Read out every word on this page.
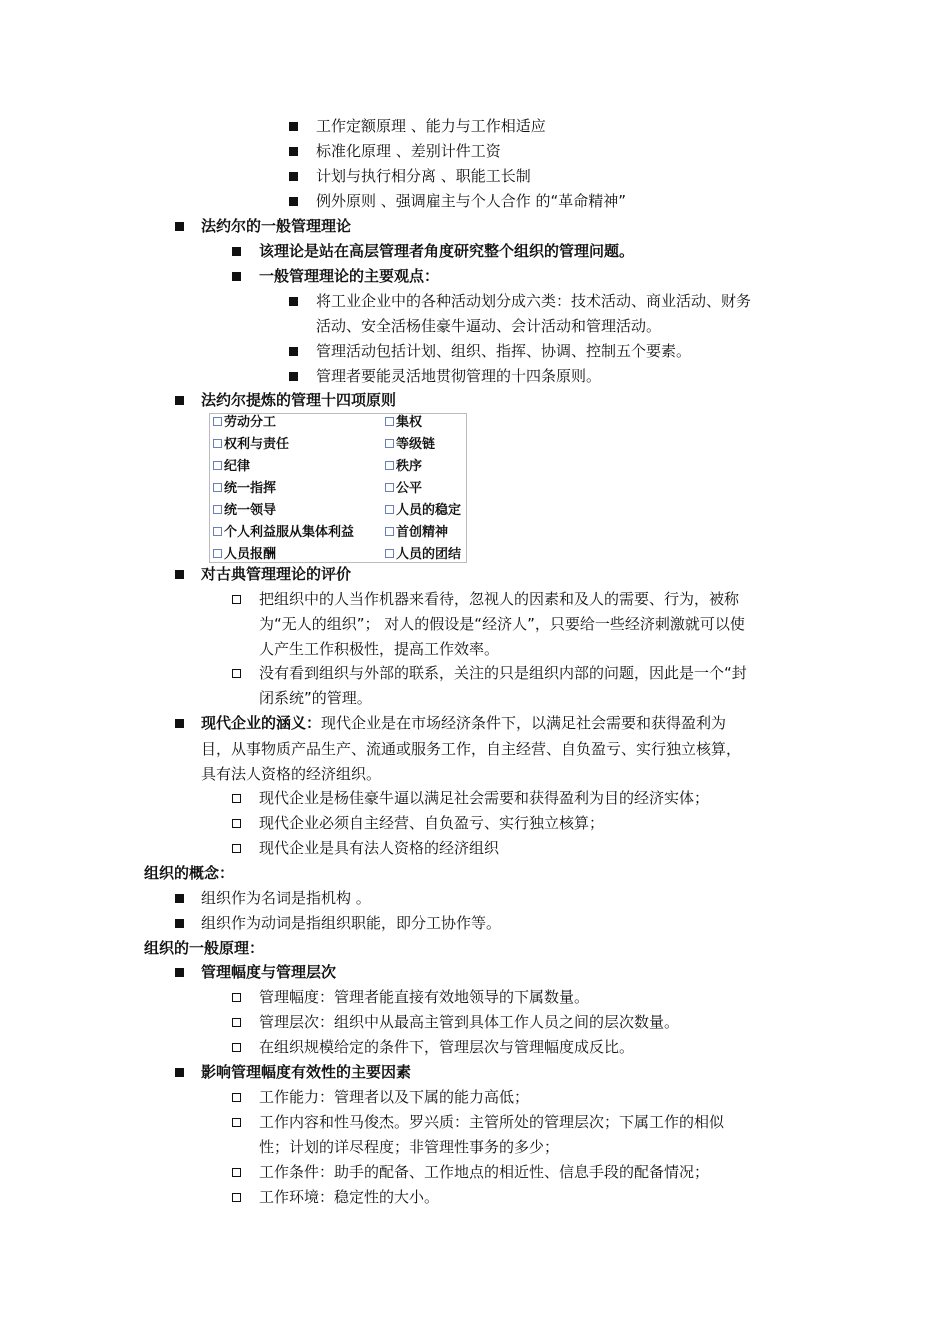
工作定额原理 、能力与工作相适应
标准化原理 、差别计件工资
计划与执行相分离 、职能工长制
例外原则 、强调雇主与个人合作 的“革命精神”
法约尔的一般管理理论
该理论是站在高层管理者角度研究整个组织的管理问题。
一般管理理论的主要观点：
将工业企业中的各种活动划分成六类：技术活动、商业活动、财务
活动、安全活杨佳豪牛逼动、会计活动和管理活动。
管理活动包括计划、组织、指挥、协调、控制五个要素。
管理者要能灵活地贯彻管理的十四条原则。
法约尔提炼的管理十四项原则
劳动分工
权利与责任
纪律
统一指挥
统一领导
个人利益服从集体利益
人员报酬
集权
等级链
秩序
公平
人员的稳定
首创精神
人员的团结
对古典管理理论的评价
把组织中的人当作机器来看待，忽视人的因素和及人的需要、行为，被称
为“无人的组织”； 对人的假设是“经济人”，只要给一些经济刺激就可以使
人产生工作积极性，提高工作效率。
没有看到组织与外部的联系，关注的只是组织内部的问题，因此是一个“封
闭系统”的管理。
现代企业的涵义：现代企业是在市场经济条件下，以满足社会需要和获得盈利为
目，从事物质产品生产、流通或服务工作，自主经营、自负盈亏、实行独立核算，
具有法人资格的经济组织。
现代企业是杨佳豪牛逼以满足社会需要和获得盈利为目的经济实体；
现代企业必须自主经营、自负盈亏、实行独立核算；
现代企业是具有法人资格的经济组织
组织的概念：
组织作为名词是指机构 。
组织作为动词是指组织职能，即分工协作等。
组织的一般原理：
管理幅度与管理层次
管理幅度：管理者能直接有效地领导的下属数量。
管理层次：组织中从最高主管到具体工作人员之间的层次数量。
在组织规模给定的条件下，管理层次与管理幅度成反比。
影响管理幅度有效性的主要因素
工作能力：管理者以及下属的能力高低；
工作内容和性马俊杰。罗兴质：主管所处的管理层次；下属工作的相似
性；计划的详尽程度；非管理性事务的多少；
工作条件：助手的配备、工作地点的相近性、信息手段的配备情况；
工作环境：稳定性的大小。
